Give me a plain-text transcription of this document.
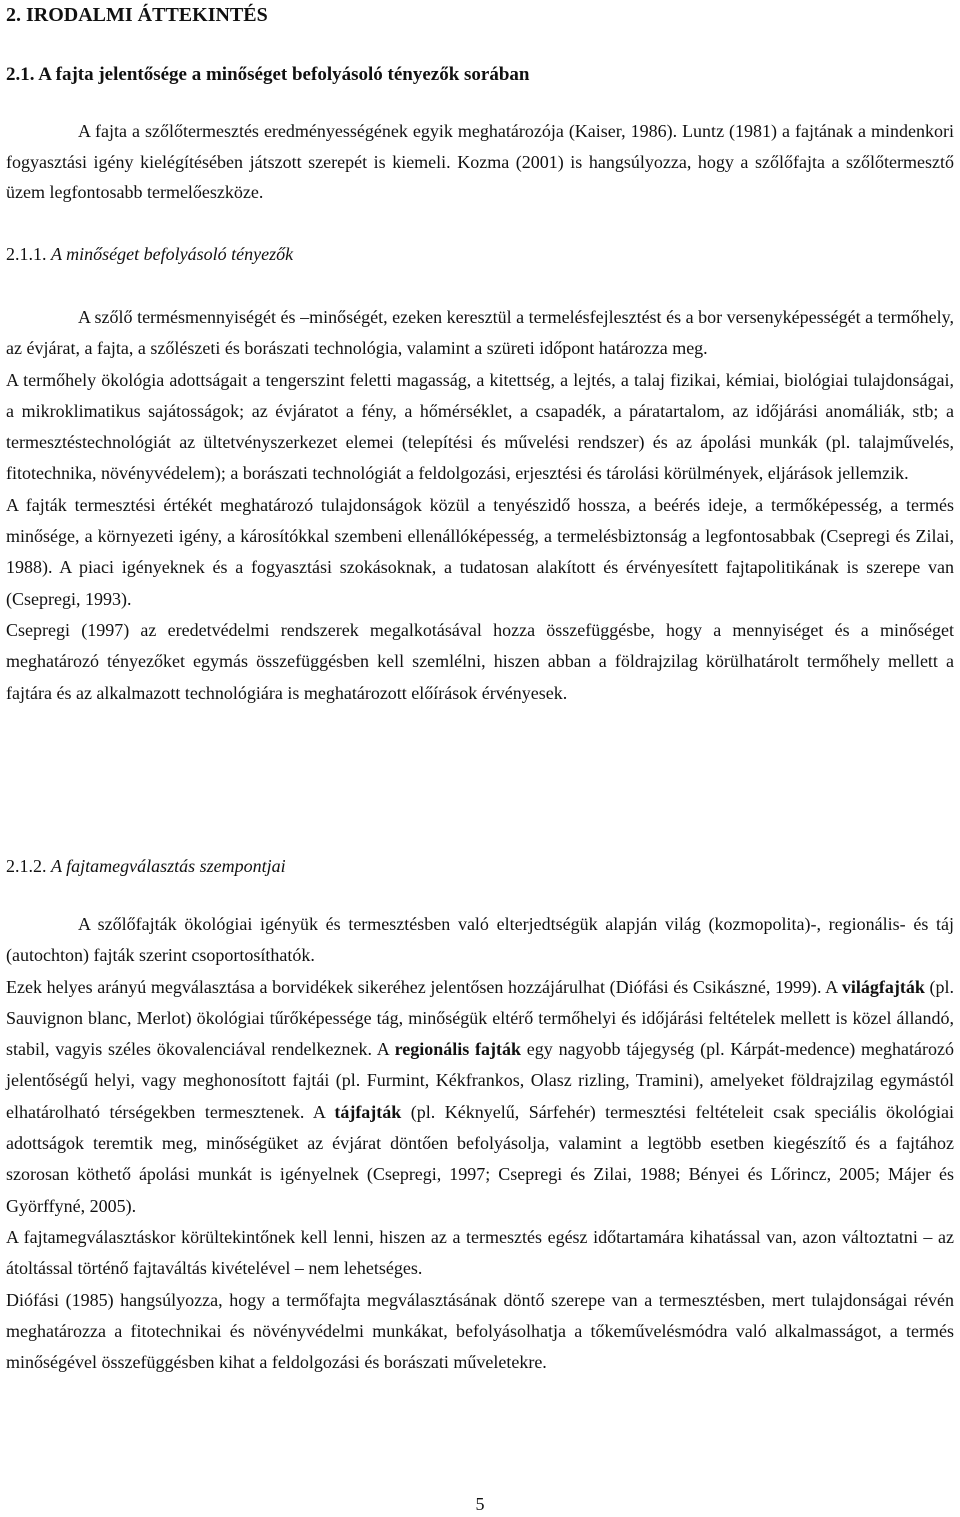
2. IRODALMI ÁTTEKINTÉS
2.1. A fajta jelentősége a minőséget befolyásoló tényezők sorában

A fajta a szőlőtermesztés eredményességének egyik meghatározója (Kaiser, 1986). Luntz (1981) a fajtának a mindenkori fogyasztási igény kielégítésében játszott szerepét is kiemeli. Kozma (2001) is hangsúlyozza, hogy a szőlőfajta a szőlőtermesztő üzem legfontosabb termelőeszköze.

2.1.1. A minőséget befolyásoló tényezők

A szőlő termésmennyiségét és –minőségét, ezeken keresztül a termelésfejlesztést és a bor versenyképességét a termőhely, az évjárat, a fajta, a szőlészeti és borászati technológia, valamint a szüreti időpont határozza meg.

A termőhely ökológia adottságait a tengerszint feletti magasság, a kitettség, a lejtés, a talaj fizikai, kémiai, biológiai tulajdonságai, a mikroklimatikus sajátosságok; az évjáratot a fény, a hőmérséklet, a csapadék, a páratartalom, az időjárási anomáliák, stb; a termesztéstechnológiát az ültetvényszerkezet elemei (telepítési és művelési rendszer) és az ápolási munkák (pl. talajművelés, fitotechnika, növényvédelem); a borászati technológiát a feldolgozási, erjesztési és tárolási körülmények, eljárások jellemzik.

A fajták termesztési értékét meghatározó tulajdonságok közül a tenyészidő hossza, a beérés ideje, a termőképesség, a termés minősége, a környezeti igény, a károsítókkal szembeni ellenállóképesség, a termelésbiztonság a legfontosabbak (Csepregi és Zilai, 1988). A piaci igényeknek és a fogyasztási szokásoknak, a tudatosan alakított és érvényesített fajtapolitikának is szerepe van (Csepregi, 1993).

Csepregi (1997) az eredetvédelmi rendszerek megalkotásával hozza összefüggésbe, hogy a mennyiséget és a minőséget meghatározó tényezőket egymás összefüggésben kell szemlélni, hiszen abban a földrajzilag körülhatárolt termőhely mellett a fajtára és az alkalmazott technológiára is meghatározott előírások érvényesek.

2.1.2. A fajtamegválasztás szempontjai

A szőlőfajták ökológiai igényük és termesztésben való elterjedtségük alapján világ (kozmopolita)-, regionális- és táj (autochton) fajták szerint csoportosíthatók.

Ezek helyes arányú megválasztása a borvidékek sikeréhez jelentősen hozzájárulhat (Diófási és Csikászné, 1999). A világfajták (pl. Sauvignon blanc, Merlot) ökológiai tűrőképessége tág, minőségük eltérő termőhelyi és időjárási feltételek mellett is közel állandó, stabil, vagyis széles ökovalenciával rendelkeznek. A regionális fajták egy nagyobb tájegység (pl. Kárpát-medence) meghatározó jelentőségű helyi, vagy meghonosított fajtái (pl. Furmint, Kékfrankos, Olasz rizling, Tramini), amelyeket földrajzilag egymástól elhatárolható térségekben termesztenek. A tájfajták (pl. Kéknyelű, Sárfehér) termesztési feltételeit csak speciális ökológiai adottságok teremtik meg, minőségüket az évjárat döntően befolyásolja, valamint a legtöbb esetben kiegészítő és a fajtához szorosan köthető ápolási munkát is igényelnek (Csepregi, 1997; Csepregi és Zilai, 1988; Bényei és Lőrincz, 2005; Májer és Györffyné, 2005).

A fajtamegválasztáskor körültekintőnek kell lenni, hiszen az a termesztés egész időtartamára kihatással van, azon változtatni – az átoltással történő fajtaváltás kivételével – nem lehetséges.

Diófási (1985) hangsúlyozza, hogy a termőfajta megválasztásának döntő szerepe van a termesztésben, mert tulajdonságai révén meghatározza a fitotechnikai és növényvédelmi munkákat, befolyásolhatja a tőkeművelésmódra való alkalmasságot, a termés minőségével összefüggésben kihat a feldolgozási és borászati műveletekre.

5
